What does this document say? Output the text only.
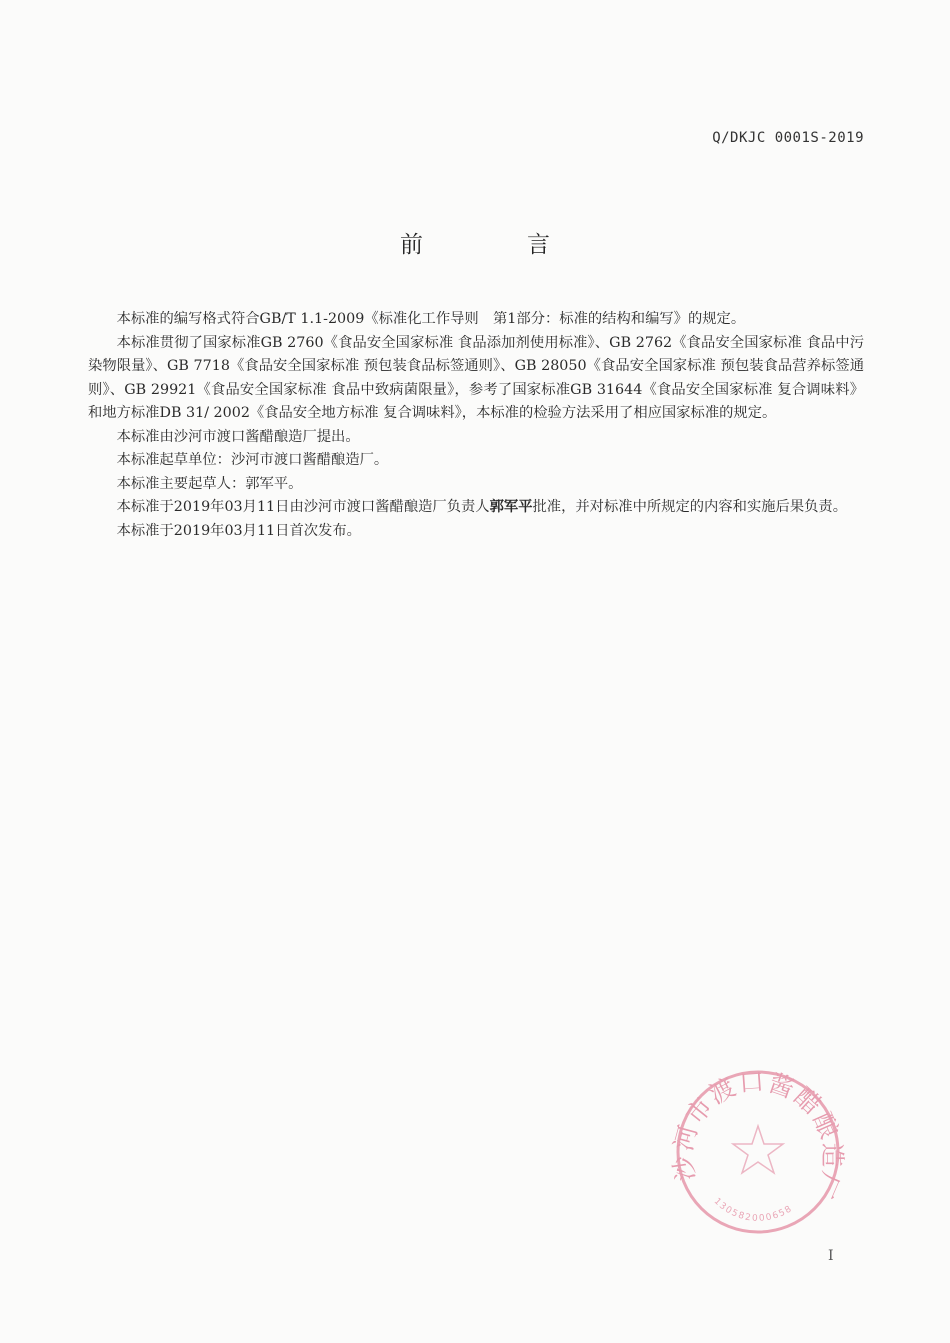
Q/DKJC 0001S-2019
前	言

本标准的编写格式符合GB/T 1.1-2009《标准化工作导则　第1部分：标准的结构和编写》的规定。

本标准贯彻了国家标准GB 2760《食品安全国家标准 食品添加剂使用标准》、GB 2762《食品安全国家标准 食品中污染物限量》、GB 7718《食品安全国家标准 预包装食品标签通则》、GB 28050《食品安全国家标准 预包装食品营养标签通则》、GB 29921《食品安全国家标准 食品中致病菌限量》，参考了国家标准GB 31644《食品安全国家标准 复合调味料》和地方标准DB 31/ 2002《食品安全地方标准 复合调味料》，本标准的检验方法采用了相应国家标准的规定。

本标准由沙河市渡口酱醋酿造厂提出。

本标准起草单位：沙河市渡口酱醋酿造厂。

本标准主要起草人：郭军平。

本标准于2019年03月11日由沙河市渡口酱醋酿造厂负责人郭军平批准，并对标准中所规定的内容和实施后果负责。

本标准于2019年03月11日首次发布。

沙河市渡口酱醋酿造厂
130582000658
I
